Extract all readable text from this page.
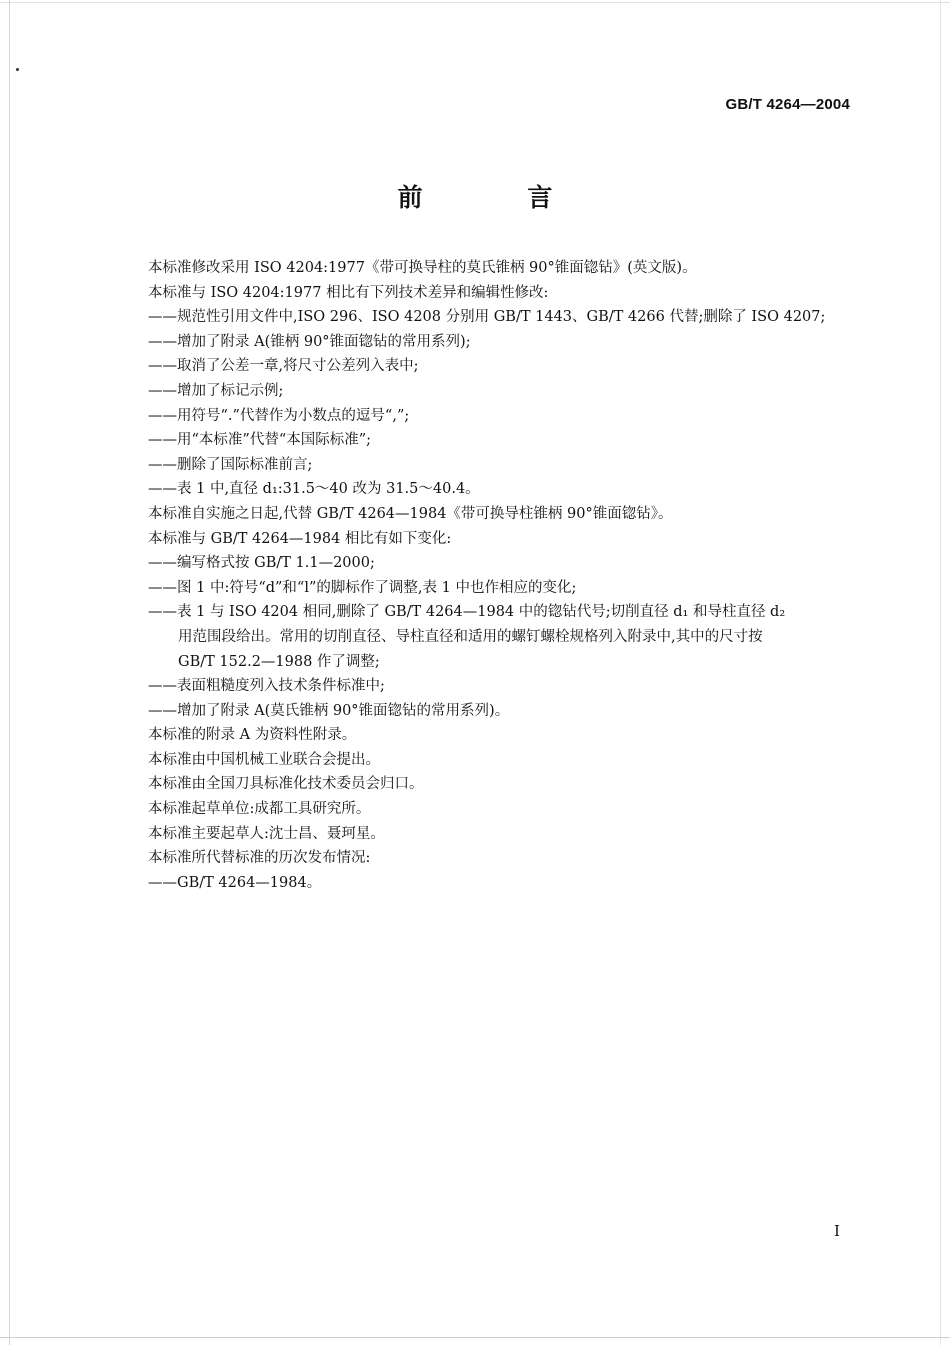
GB/T 4264—2004
前 言
本标准修改采用 ISO 4204:1977《带可换导柱的莫氏锥柄 90°锥面锪钻》(英文版)。
本标准与 ISO 4204:1977 相比有下列技术差异和编辑性修改:
——规范性引用文件中,ISO 296、ISO 4208 分别用 GB/T 1443、GB/T 4266 代替;删除了 ISO 4207;
——增加了附录 A(锥柄 90°锥面锪钻的常用系列);
——取消了公差一章,将尺寸公差列入表中;
——增加了标记示例;
——用符号“.”代替作为小数点的逗号“,”;
——用“本标准”代替“本国际标准”;
——删除了国际标准前言;
——表 1 中,直径 d₁:31.5～40 改为 31.5～40.4。
本标准自实施之日起,代替 GB/T 4264—1984《带可换导柱锥柄 90°锥面锪钻》。
本标准与 GB/T 4264—1984 相比有如下变化:
——编写格式按 GB/T 1.1—2000;
——图 1 中:符号“d”和“l”的脚标作了调整,表 1 中也作相应的变化;
——表 1 与 ISO 4204 相同,删除了 GB/T 4264—1984 中的锪钻代号;切削直径 d₁ 和导柱直径 d₂
用范围段给出。常用的切削直径、导柱直径和适用的螺钉螺栓规格列入附录中,其中的尺寸按
GB/T 152.2—1988 作了调整;
——表面粗糙度列入技术条件标准中;
——增加了附录 A(莫氏锥柄 90°锥面锪钻的常用系列)。
本标准的附录 A 为资料性附录。
本标准由中国机械工业联合会提出。
本标准由全国刀具标准化技术委员会归口。
本标准起草单位:成都工具研究所。
本标准主要起草人:沈士昌、聂珂星。
本标准所代替标准的历次发布情况:
——GB/T 4264—1984。
I
